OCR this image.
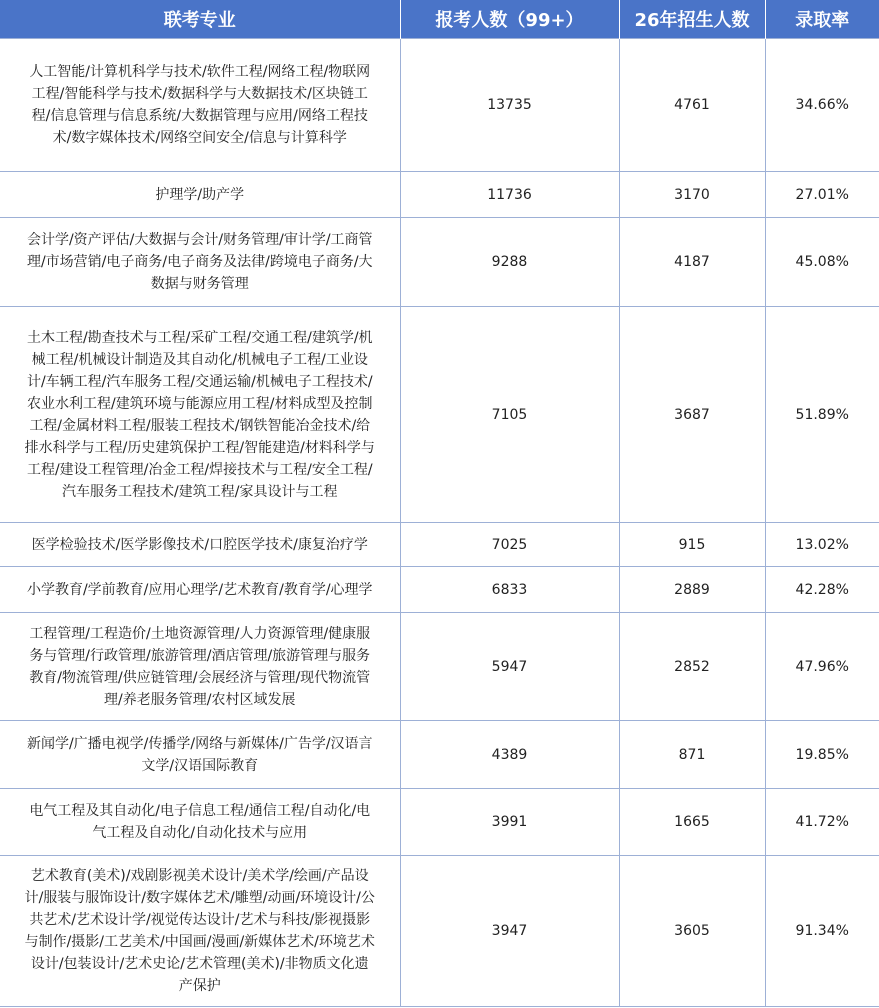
联考专业	报考人数（99+）	26年招生人数	录取率
人工智能/计算机科学与技术/软件工程/网络工程/物联网工程/智能科学与技术/数据科学与大数据技术/区块链工程/信息管理与信息系统/大数据管理与应用/网络工程技术/数字媒体技术/网络空间安全/信息与计算科学	13735	4761	34.66%
护理学/助产学	11736	3170	27.01%
会计学/资产评估/大数据与会计/财务管理/审计学/工商管理/市场营销/电子商务/电子商务及法律/跨境电子商务/大数据与财务管理	9288	4187	45.08%
土木工程/勘查技术与工程/采矿工程/交通工程/建筑学/机械工程/机械设计制造及其自动化/机械电子工程/工业设计/车辆工程/汽车服务工程/交通运输/机械电子工程技术/农业水利工程/建筑环境与能源应用工程/材料成型及控制工程/金属材料工程/服装工程技术/钢铁智能冶金技术/给排水科学与工程/历史建筑保护工程/智能建造/材料科学与工程/建设工程管理/冶金工程/焊接技术与工程/安全工程/汽车服务工程技术/建筑工程/家具设计与工程	7105	3687	51.89%
医学检验技术/医学影像技术/口腔医学技术/康复治疗学	7025	915	13.02%
小学教育/学前教育/应用心理学/艺术教育/教育学/心理学	6833	2889	42.28%
工程管理/工程造价/土地资源管理/人力资源管理/健康服务与管理/行政管理/旅游管理/酒店管理/旅游管理与服务教育/物流管理/供应链管理/会展经济与管理/现代物流管理/养老服务管理/农村区域发展	5947	2852	47.96%
新闻学/广播电视学/传播学/网络与新媒体/广告学/汉语言文学/汉语国际教育	4389	871	19.85%
电气工程及其自动化/电子信息工程/通信工程/自动化/电气工程及自动化/自动化技术与应用	3991	1665	41.72%
艺术教育(美术)/戏剧影视美术设计/美术学/绘画/产品设计/服装与服饰设计/数字媒体艺术/雕塑/动画/环境设计/公共艺术/艺术设计学/视觉传达设计/艺术与科技/影视摄影与制作/摄影/工艺美术/中国画/漫画/新媒体艺术/环境艺术设计/包装设计/艺术史论/艺术管理(美术)/非物质文化遗产保护	3947	3605	91.34%
